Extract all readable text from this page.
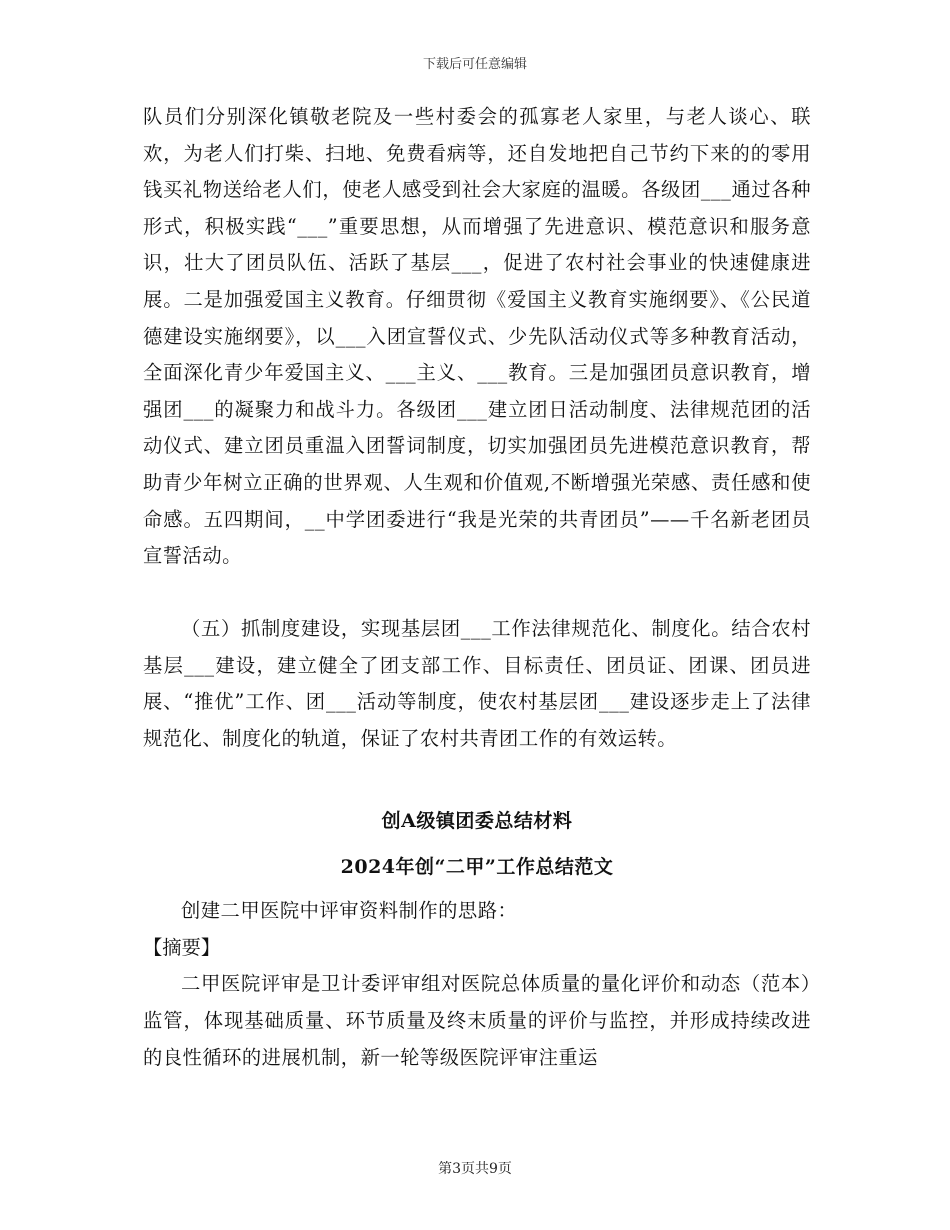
下载后可任意编辑

队员们分别深化镇敬老院及一些村委会的孤寡老人家里，与老人谈心、联欢，为老人们打柴、扫地、免费看病等，还自发地把自己节约下来的的零用钱买礼物送给老人们，使老人感受到社会大家庭的温暖。各级团___通过各种形式，积极实践“___”重要思想，从而增强了先进意识、模范意识和服务意识，壮大了团员队伍、活跃了基层___，促进了农村社会事业的快速健康进展。二是加强爱国主义教育。仔细贯彻《爱国主义教育实施纲要》、《公民道德建设实施纲要》，以___入团宣誓仪式、少先队活动仪式等多种教育活动，全面深化青少年爱国主义、___主义、___教育。三是加强团员意识教育，增强团___的凝聚力和战斗力。各级团___建立团日活动制度、法律规范团的活动仪式、建立团员重温入团誓词制度，切实加强团员先进模范意识教育，帮助青少年树立正确的世界观、人生观和价值观,不断增强光荣感、责任感和使命感。五四期间，__中学团委进行“我是光荣的共青团员”——千名新老团员宣誓活动。

（五）抓制度建设，实现基层团___工作法律规范化、制度化。结合农村基层___建设，建立健全了团支部工作、目标责任、团员证、团课、团员进展、“推优”工作、团___活动等制度，使农村基层团___建设逐步走上了法律规范化、制度化的轨道，保证了农村共青团工作的有效运转。

创A级镇团委总结材料
2024年创“二甲”工作总结范文

创建二甲医院中评审资料制作的思路：

【摘要】

二甲医院评审是卫计委评审组对医院总体质量的量化评价和动态（范本）监管，体现基础质量、环节质量及终末质量的评价与监控，并形成持续改进的良性循环的进展机制，新一轮等级医院评审注重运

第3页共9页
